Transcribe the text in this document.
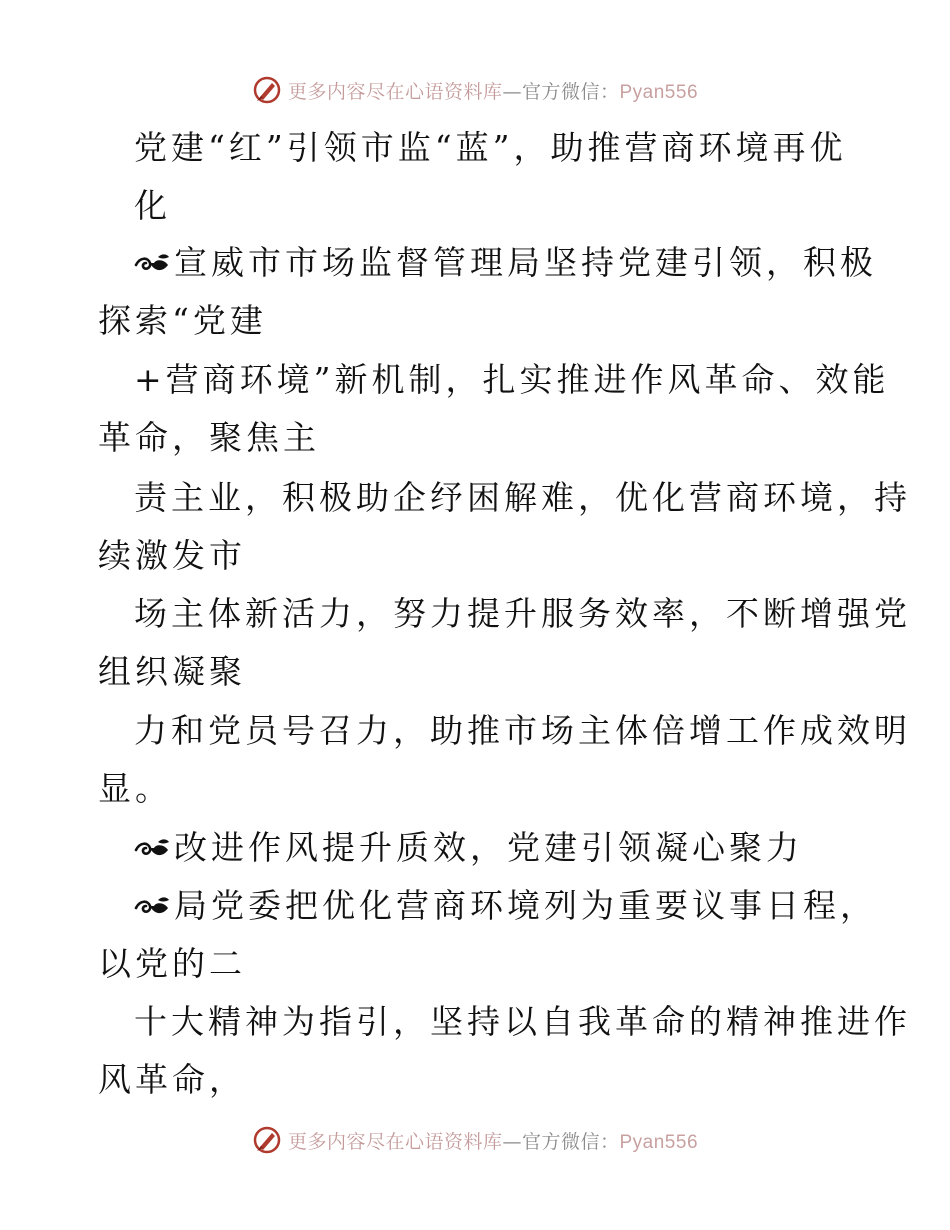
更多内容尽在心语资料库—官方微信：Pyan556
党建“红”引领市监“蓝”，助推营商环境再优
化
宣威市市场监督管理局坚持党建引领，积极
探索“党建
+营商环境”新机制，扎实推进作风革命、效能
革命，聚焦主
责主业，积极助企纾困解难，优化营商环境，持
续激发市
场主体新活力，努力提升服务效率，不断增强党
组织凝聚
力和党员号召力，助推市场主体倍增工作成效明
显。
改进作风提升质效，党建引领凝心聚力
局党委把优化营商环境列为重要议事日程，
以党的二
十大精神为指引，坚持以自我革命的精神推进作
风革命，
更多内容尽在心语资料库—官方微信：Pyan556
